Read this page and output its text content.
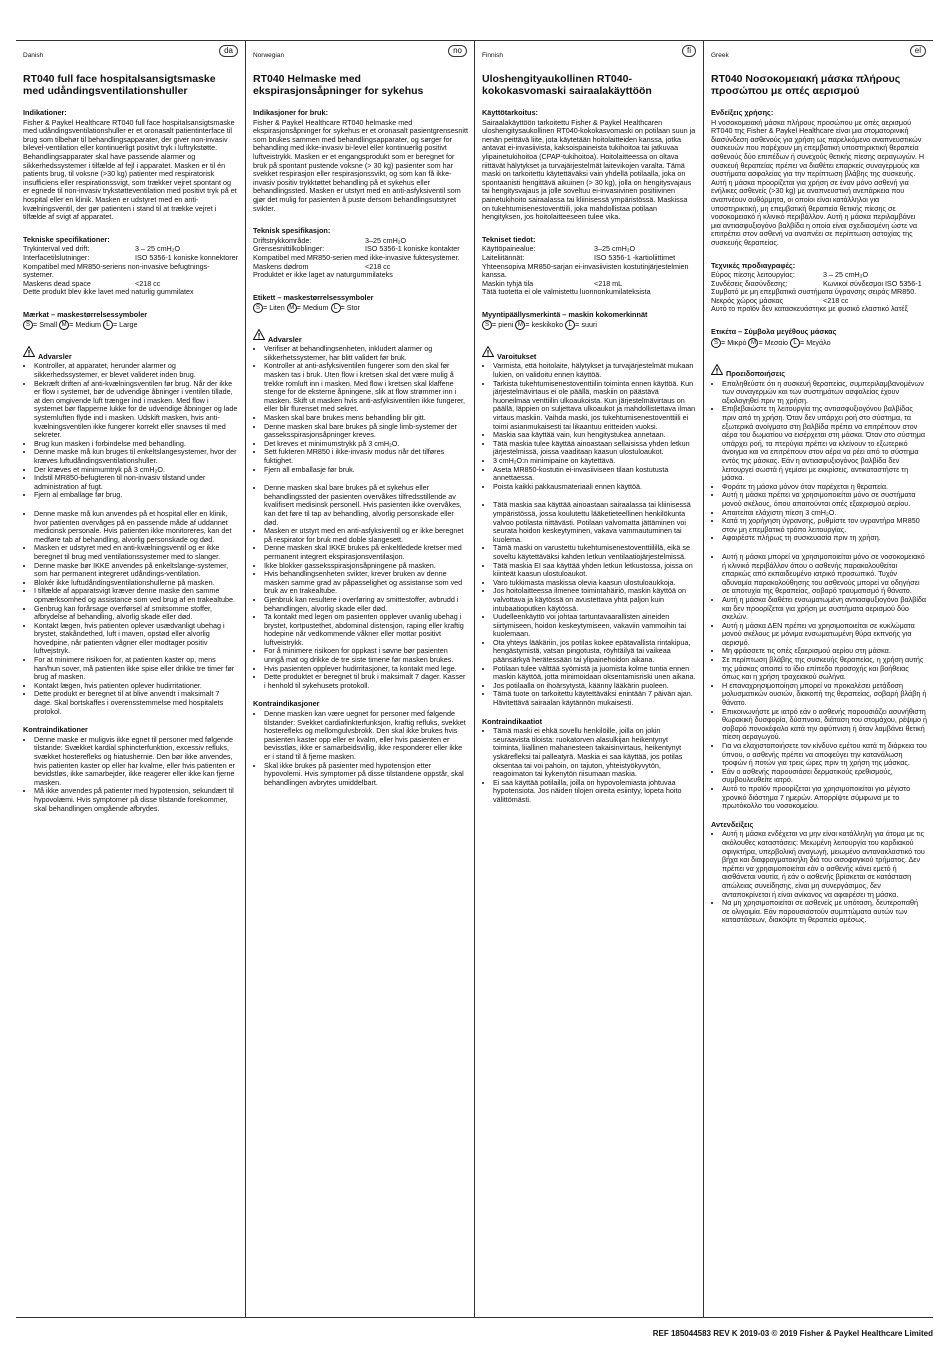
Danish
da
RT040 full face hospitalsansigtsmaske med udåndingsventilationshuller
Indikationer:

Fisher & Paykel Healthcare RT040 full face hospitalsansigtsmaske med udåndingsventilationshuller er et oronasalt patientinterface til brug som tilbehør til behandlingsapparater, der giver non-invasiv bilevel-ventilation eller kontinuerligt positivt tryk i luftrykstøtte. Behandlingsapparater skal have passende alarmer og sikkerhedssystemer i tilfælde af fejl i apparatet. Masken er til én patients brug, til voksne (>30 kg) patienter med respiratorisk insufficiens eller respirationssvigt, som trækker vejret spontant og er egnede til non-invasiv trykstøtteventilation med positivt tryk på et hospital eller en klinik. Masken er udstyret med en anti-kvælningsventil, der gør patienten i stand til at trække vejret i tilfælde af svigt af apparatet.

Tekniske specifikationer:
Trykinterval ved drift:	3 – 25 cmH₂O
Interfacetilslutninger:	ISO 5356-1 koniske konnektorer
Kompatibel med MR850-seriens non-invasive befugtnings-systemer.
Maskens dead space	<218 cc
Dette produkt blev ikke lavet med naturlig gummilatex
Mærkat – maskestørrelsessymboler
S = Small M = Medium L = Large
Advarsler
• Kontroller, at apparatet, herunder alarmer og sikkerhedssystemer, er blevet valideret inden brug.
• Bekræft driften af anti-kvælningsventilen før brug. Når der ikke er flow i systemet, bør de udvendige åbninger i ventilen tillade, at den omgivende luft trænger ind i masken. Med flow i systemet bør flapperne lukke for de udvendige åbninger og lade systemluften flyde ind i masken. Udskift masken, hvis anti-kvælningsventilen ikke fungerer korrekt eller snavses til med sekreter.
• Brug kun masken i forbindelse med behandling.
• Denne maske må kun bruges til enkeltslangesystemer, hvor der kræves luftudåndingsventilationshuller.
• Der kræves et minimumtryk på 3 cmH₂O.
• Indstil MR850-befugteren til non-invasiv tilstand under administration af fugt.
• Fjern al emballage før brug.
• Denne maske må kun anvendes på et hospital eller en klinik, hvor patienten overvåges på en passende måde af uddannet medicinsk personale. Hvis patienten ikke monitoreres, kan det medføre tab af behandling, alvorlig personskade og død.
• Masken er udstyret med en anti-kvælningsventil og er ikke beregnet til brug med ventilationssystemer med to slanger.
• Denne maske bør IKKE anvendes på enkeltslange-systemer, som har permanent integreret udåndings-ventilation.
• Blokér ikke luftudåndingsventilationshullerne på masken.
• I tilfælde af apparatsvigt kræver denne maske den samme opmærksomhed og assistance som ved brug af en trakealtube.
• Genbrug kan forårsage overførsel af smitsomme stoffer, afbrydelse af behandling, alvorlig skade eller død.
• Kontakt lægen, hvis patienten oplever usædvanligt ubehag i brystet, stakåndethed, luft i maven, opstød eller alvorlig hovedpine, når patienten vågner eller modtager positiv luftvejstryk.
• For at minimere risikoen for, at patienten kaster op, mens han/hun sover, må patienten ikke spise eller drikke tre timer før brug af masken.
• Kontakt lægen, hvis patienten oplever hudirritationer.
• Dette produkt er beregnet til at blive anvendt i maksimalt 7 dage. Skal bortskaffes i overensstemmelse med hospitalets protokol.
Kontraindikationer
• Denne maske er muligvis ikke egnet til personer med følgende tilstande: Svækket kardial sphincterfunktion, excessiv refluks, svækket hosterefleks og hiatushernie. Den bør ikke anvendes, hvis patienten kaster op eller har kvalme, eller hvis patienten er bevidstløs, ikke samarbejder, ikke reagerer eller ikke kan fjerne masken.
• Må ikke anvendes på patienter med hypotension, sekundært til hypovolæmi. Hvis symptomer på disse tilstande forekommer, skal behandlingen omgående afbrydes.
Norwegian
no
RT040 Helmaske med ekspirasjonsåpninger for sykehus
Indikasjoner for bruk:

Fisher & Paykel Healthcare RT040 helmaske med ekspirasjonsåpninger for sykehus er et oronasalt pasientgrensesnitt som brukes sammen med behandlingsapparater, og sørger for behandling med ikke-invasiv bi-level eller kontinuerlig positivt luftveistrykk. Masken er et engangsprodukt som er beregnet for bruk på spontant pustende voksne (> 30 kg) pasienter som har svekket respirasjon eller respirasjonssvikt, og som kan få ikke-invasiv positiv trykktøttet behandling på et sykehus eller behandlingssted. Masken er utstyrt med en anti-asfyksiventil som gjør det mulig for pasienten å puste dersom behandlingsutstyret svikter.

Teknisk spesifikasjon:
Driftstrykkområde:	3–25 cmH₂O
Grensesnittilkoblinger:	ISO 5356-1 koniske kontakter
Kompatibel med MR850-serien med ikke-invasive fuktesystemer.
Maskens dødrom	<218 cc
Produktet er ikke laget av naturgummilateks
Etikett – maskestørrelsessymboler
S = Liten M = Medium L = Stor
Advarsler
• Verifiser at behandlingsenheten, inkludert alarmer og sikkerhetssystemer, har blitt validert før bruk.
• Kontroller at anti-asfyksiventilen fungerer som den skal før masken tas i bruk. Uten flow i kretsen skal det være mulig å trekke romluft inn i masken. Med flow i kretsen skal klaffene stenge for de eksterne åpningene, slik at flow strømmer inn i masken. Skift ut masken hvis anti-asfyksiventilen ikke fungerer, eller blir flurenset med sekret.
• Masken skal bare brukes mens behandling blir gitt.
• Denne masken skal bare brukes på single limb-systemer der gasseksspirasjonsåpninger kreves.
• Det kreves et minimumstrykk på 3 cmH₂O.
• Sett fukteren MR850 i ikke-invasiv modus når det tilføres fuktighet.
• Fjern all emballasje før bruk.
• Denne masken skal bare brukes på et sykehus eller behandlingssted der pasienten overvåkes tilfredsstillende av kvalifisert medisinsk personell. Hvis pasienten ikke overvåkes, kan det føre til tap av behandling, alvorlig personskade eller død.
• Masken er utstyrt med en anti-asfyksiventil og er ikke beregnet på respirator for bruk med doble slangesett.
• Denne masken skal IKKE brukes på enkeltledede kretser med permanent integrert ekspirasjonsventilasjon.
• Ikke blokker gasseksspirasjonsåpningene på masken.
• Hvis behandlingsenheten svikter, krever bruken av denne masken samme grad av påpasselighet og assistanse som ved bruk av en trakealtube.
• Gjenbruk kan resultere i overføring av smittestoffer, avbrudd i behandlingen, alvorlig skade eller død.
• Ta kontakt med legen om pasienten opplever uvanlig ubehag i brystet, kortpustethet, abdominal distensjon, raping eller kraftig hodepine når vedkommende våkner eller mottar positivt luftveistrykk.
• For å minimere risikoen for oppkast i søvne bør pasienten unngå mat og drikke de tre siste timene før masken brukes.
• Hvis pasienten opplever hudirritasjoner, ta kontakt med lege.
• Dette produktet er beregnet til bruk i maksimalt 7 dager. Kasser i henhold til sykehusets protokoll.
Kontraindikasjoner
• Denne masken kan være uegnet for personer med følgende tilstander: Svekket cardiafinkterfunksjon, kraftig refluks, svekket hosterefleks og mellomgulvsbrokk. Den skal ikke brukes hvis pasienten kaster opp eller er kvalm, eller hvis pasienten er bevisstløs, ikke er samarbeidsvillig, ikke responderer eller ikke er i stand til å fjerne masken.
• Skal ikke brukes på pasienter med hypotensjon etter hypovolemi. Hvis symptomer på disse tilstandene oppstår, skal behandlingen avbrytes umiddelbart.
Finnish
fi
Uloshengityaukollinen RT040-kokokasvomaski sairaalakäyttöön
Käyttötarkoitus:

Sairaalakäyttöön tarkoitettu Fisher & Paykel Healthcaren uloshengitysaukollinen RT040-kokokasvomaski on potilaan suun ja nenän peittävä liite, jota käytetään hoitolaitteiden kanssa, jotka antavat ei-invasiivista, kaksoispaineista tukihoitoa tai jatkuvaa ylipainetukihoitoa (CPAP-tukihoitoa). Hoitolaitteessa on oltava riittävät hälytykset ja turvajärjestelmät laitevikojen varalta. Tämä maski on tarkoitettu käytettäväksi vain yhdellä potilaalla, joka on spontaanisti hengittävä aikuinen (> 30 kg), jolla on hengitysvajaus tai hengitysvajaus ja jolle soveltuu ei-invasiivinen positiivinen painetukihoito sairaalassa tai kliinisessä ympäristössä. Maskissa on tukehtumisenestoventtiili, joka mahdollistaa potilaan hengityksen, jos hoitolaitteeseen tulee vika.

Tekniset tiedot:
Käyttöpainealue:	3–25 cmH₂O
Laiteliitännät:	ISO 5356-1 -kartioliittimet
Yhteensopiva MR850-sarjan ei-invasiivisten kostutinjärjestelmien kanssa.
Maskin tyhjä tila	<218 mL
Tätä tuotetta ei ole valmistettu luonnonkumilateksista
Myyntipäällysmerkintä – maskin kokomerkinnät
S = pieni M = keskikoko L = suuri
Varoitukset
• Varmista, että hoitolaite, hälytykset ja turvajärjestelmät mukaan lukien, on validoitu ennen käyttöä.
• Tarkista tukehtumisenestoventtiilin toiminta ennen käyttöä. Kun järjestelmävirtaus ei ole päällä, maskiin on päästävä huoneilmaa venttiilin ulkoaukoista. Kun järjestelmävirtaus on päällä, läppien on suljettava ulkoaukot ja mahdollistettava ilman virtaus maskiin. Vaihda maski, jos tukehtumisenestoventtiili ei toimi asianmukaisesti tai likaantuu eritteiden vuoksi.
• Maskia saa käyttää vain, kun hengitystukea annetaan.
• Tätä maskia tulee käyttää ainoastaan sellaisissa yhden letkun järjestelmissä, joissa vaaditaan kaasun ulostuloaukot.
• 3 cmH₂O:n minimipaine on käytettävä.
• Aseta MR850-kostutin ei-invasiiviseen tilaan kostutusta annettaessa.
• Poista kaikki pakkausmateriaali ennen käyttöä.
• Tätä maskia saa käyttää ainoastaan sairaalassa tai kliinisessä ympäristössä, jossa koulutettu lääketieteellinen henkilökunta valvoo potilasta riittävästi. Potilaan valvomatta jättäminen voi seurata hoidon keskeytyminen, vakava vammautuminen tai kuolema.
• Tämä maski on varustettu tukehtumisenestoventtiilillä, eikä se soveltu käytettäväksi kahden letkun ventilaatiojärjestelmissä.
• Tätä maskia EI saa käyttää yhden letkun letkustossa, joissa on kiinteät kaasun ulostuloaukot.
• Varo tukkimasta maskissa olevia kaasun ulostuloaukkoja.
• Jos hoitolaitteessa ilmenee toimintahäiriö, maskin käyttöä on valvottava ja käytössä on avustettava yhtä paljon kuin intubaatioputken käytössä.
• Uudelleenkäyttö voi johtaa tartuntavaarallisten aineiden siirtymiseen, hoidon keskeytymiseen, vakaviin vammoihin tai kuolemaan.
• Ota yhteys lääkäriin, jos potilas kokee epätavallista rintakipua, hengästymistä, vatsan pingotusta, röyhtäilyä tai vaikeaa päänsärkyä herätessään tai ylipainehoidon aikana.
• Potilaan tulee välttää syömistä ja juomista kolme tuntia ennen maskin käyttöä, jotta minimoidaan oksentamisriski unen aikana.
• Jos potilaalla on ihoärsytystä, käänny lääkärin puoleen.
• Tämä tuote on tarkoitettu käytettäväksi enintään 7 päivän ajan. Hävitettävä sairaalan käytännön mukaisesti.
Kontraindikaatiot
• Tämä maski ei ehkä sovellu henkilöille, joilla on jokin seuraavista tiloista: ruokatorven alasulkijan heikentynyt toiminta, liiallinen mahanesteen takaisinvirtaus, heikentynyt yskärefleksi tai palleatyrä. Maskia ei saa käyttää, jos potilas oksentaa tai voi pahoin, on tajuton, yhteistyökyvytön, reagoimaton tai kykenytön riisumaan maskia.
• Ei saa käyttää potilailla, joilla on hypovolemiasta johtuvaa hypotensiota. Jos näiden tilojen oireita esiintyy, lopeta hoito välittömästi.
Greek
el
RT040 Νοσοκομειακή μάσκα πλήρους προσώπου με οπές αερισμού
Ενδείξεις χρήσης:

Η νοσοκομειακή μάσκα πλήρους προσώπου με οπές αερισμού RT040 της Fisher & Paykel Healthcare είναι μια στοματορινική διασύνδεση ασθενούς για χρήση ως παρελκόμενο αναπνευστικών συσκευών που παρέχουν μη επεμβατική υποστηρικτική θεραπεία ασθενούς δύο επιπέδων ή συνεχούς θετικής πίεσης αεραγωγών. Η συσκευή θεραπείας πρέπει να διαθέτει επαρκείς συναγερμούς και συστήματα ασφαλείας για την περίπτωση βλάβης της συσκευής. Αυτή η μάσκα προορίζεται για χρήση σε έναν μόνο ασθενή για ενήλικες ασθενείς (>30 kg) με αναπνευστική ανεπάρκεια που αναπνέουν αυθόρμητα, οι οποίοι είναι κατάλληλοι για υποστηρικτική, μη επεμβατική θεραπεία θετικής πίεσης σε νοσοκομειακό ή κλινικό περιβάλλον. Αυτή η μάσκα περιλαμβάνει μια αντιασφυξιογόνο βαλβίδα η οποία είναι σχεδιασμένη ώστε να επιτρέπει στον ασθενή να αναπνέει σε περίπτωση αστοχίας της συσκευής θεραπείας.

Τεχνικές προδιαγραφές:
Εύρος πίεσης λειτουργίας:	3 – 25 cmH₂O
Συνδέσεις διασύνδεσης:	Κωνικοί σύνδεσμοι ISO 5356-1
Συμβατό με μη επεμβατικά συστήματα ύγρανσης σειράς MR850.
Νεκρός χώρος μάσκας	<218 cc
Αυτό το προϊόν δεν κατασκευάστηκε με φυσικό ελαστικό λατέξ
Ετικέτα – Σύμβολα μεγέθους μάσκας
S = Μικρό M = Μεσαίο L = Μεγάλο
Προειδοποιήσεις
• Επαληθεύστε ότι η συσκευή θεραπείας, συμπεριλαμβανομένων των συναγερμών και των συστημάτων ασφαλείας έχουν αξιολογηθεί πριν τη χρήση.
• Επιβεβαιώστε τη λειτουργία της αντιασφυξιογόνου βαλβίδας πριν από τη χρήση. Όταν δεν υπάρχει ροή στο σύστημα, τα εξωτερικά ανοίγματα στη βαλβίδα πρέπει να επιτρέπουν στον αέρα του δωματίου να εισέρχεται στη μάσκα. Όταν στο σύστημα υπάρχει ροή, τα πτερύγια πρέπει να κλείνουν το εξωτερικό άνοιγμα και να επιτρέπουν στον αέρα να ρέει από το σύστημα εντός της μάσκας. Εάν η αντιασφυξιογόνος βαλβίδα δεν λειτουργεί σωστά ή γεμίσει με εκκρίσεις, αντικαταστήστε τη μάσκα.
• Φοράτε τη μάσκα μόνον όταν παρέχεται η θεραπεία.
• Αυτή η μάσκα πρέπει να χρησιμοποιείται μόνο σε συστήματα μονού σκέλους, όπου απαιτούνται οπές εξαερισμού αερίου.
• Απαιτείται ελάχιστη πίεση 3 cmH₂O.
• Κατά τη χορήγηση ύγρανσης, ρυθμίστε τον υγραντήρα MR850 στον μη επεμβατικό τρόπο λειτουργίας.
• Αφαιρέστε πλήρως τη συσκευασία πριν τη χρήση.
• Αυτή η μάσκα μπορεί να χρησιμοποιείται μόνο σε νοσοκομειακό ή κλινικό περιβάλλον όπου ο ασθενής παρακολουθείται επαρκώς από εκπαιδευμένο ιατρικό προσωπικό. Τυχόν αδυναμία παρακολούθησης του ασθενούς μπορεί να οδηγήσει σε αποτυχία της θεραπείας, σοβαρό τραυματισμό ή θάνατο.
• Αυτή η μάσκα διαθέτει ενσωματωμένη αντιασφυξιογόνο βαλβίδα και δεν προορίζεται για χρήση με συστήματα αερισμού δύο σκελών.
• Αυτή η μάσκα ΔΕΝ πρέπει να χρησιμοποιείται σε κυκλώματα μονού σκέλους με μόνιμα ενσωματωμένη θύρα εκπνοής για αερισμό.
• Μη φράσσετε τις οπές εξαερισμού αερίου στη μάσκα.
• Σε περίπτωση βλάβης της συσκευής θεραπείας, η χρήση αυτής της μάσκας απαιτεί το ίδιο επίπεδο προσοχής και βοήθειας όπως και η χρήση τραχειακού σωλήνα.
• Η επαναχρησιμοποίηση μπορεί να προκαλέσει μετάδοση μολυσματικών ουσιών, διακοπή της θεραπείας, σοβαρή βλάβη ή θάνατο.
• Επικοινωνήστε με ιατρό εάν ο ασθενής παρουσιάζει ασυνήθιστη θωρακική δυσφορία, δύσπνοια, διάταση του στομάχου, ρέψιμο ή σοβαρό πονοκέφαλο κατά την αφύπνιση ή όταν λαμβάνει θετική πίεση αεραγωγού.
• Για να ελαχιστοποιήσετε τον κίνδυνο εμέτου κατά τη διάρκεια του ύπνου, ο ασθενής πρέπει να αποφεύγει την κατανάλωση τροφών ή ποτών για τρεις ώρες πριν τη χρήση της μάσκας.
• Εάν ο ασθενής παρουσιάσει δερματικούς ερεθισμούς, συμβουλευθείτε ιατρό.
• Αυτό το προϊόν προορίζεται για χρησιμοποιείται για μέγιστο χρονικό διάστημα 7 ημερών. Απορρίψτε σύμφωνα με το πρωτόκολλο του νοσοκομείου.
Αντενδείξεις
• Αυτή η μάσκα ενδέχεται να μην είναι κατάλληλη για άτομα με τις ακόλουθες καταστάσεις: Μειωμένη λειτουργία του καρδιακού σφιγκτήρα, υπερβολική αναγωγή, μειωμένο αντανακλαστικό του βήχα και διαφραγματοκήλη διά του οισοφαγικού τρήματος. Δεν πρέπει να χρησιμοποιείται εάν ο ασθενής κάνει εμετό ή αισθάνεται ναυτία, ή εάν ο ασθενής βρίσκεται σε κατάσταση απώλειας συνείδησης, είναι μη συνεργάσιμος, δεν ανταποκρίνεται ή είναι ανίκανος να αφαιρέσει τη μάσκα.
• Να μη χρησιμοποιείται σε ασθενείς με υπόταση, δευτεροπαθή σε ολιγαιμία. Εάν παρουσιαστούν συμπτώματα αυτών των καταστάσεων, διακόψτε τη θεραπεία αμέσως.
REF 185044583 REV K 2019-03 © 2019 Fisher & Paykel Healthcare Limited
